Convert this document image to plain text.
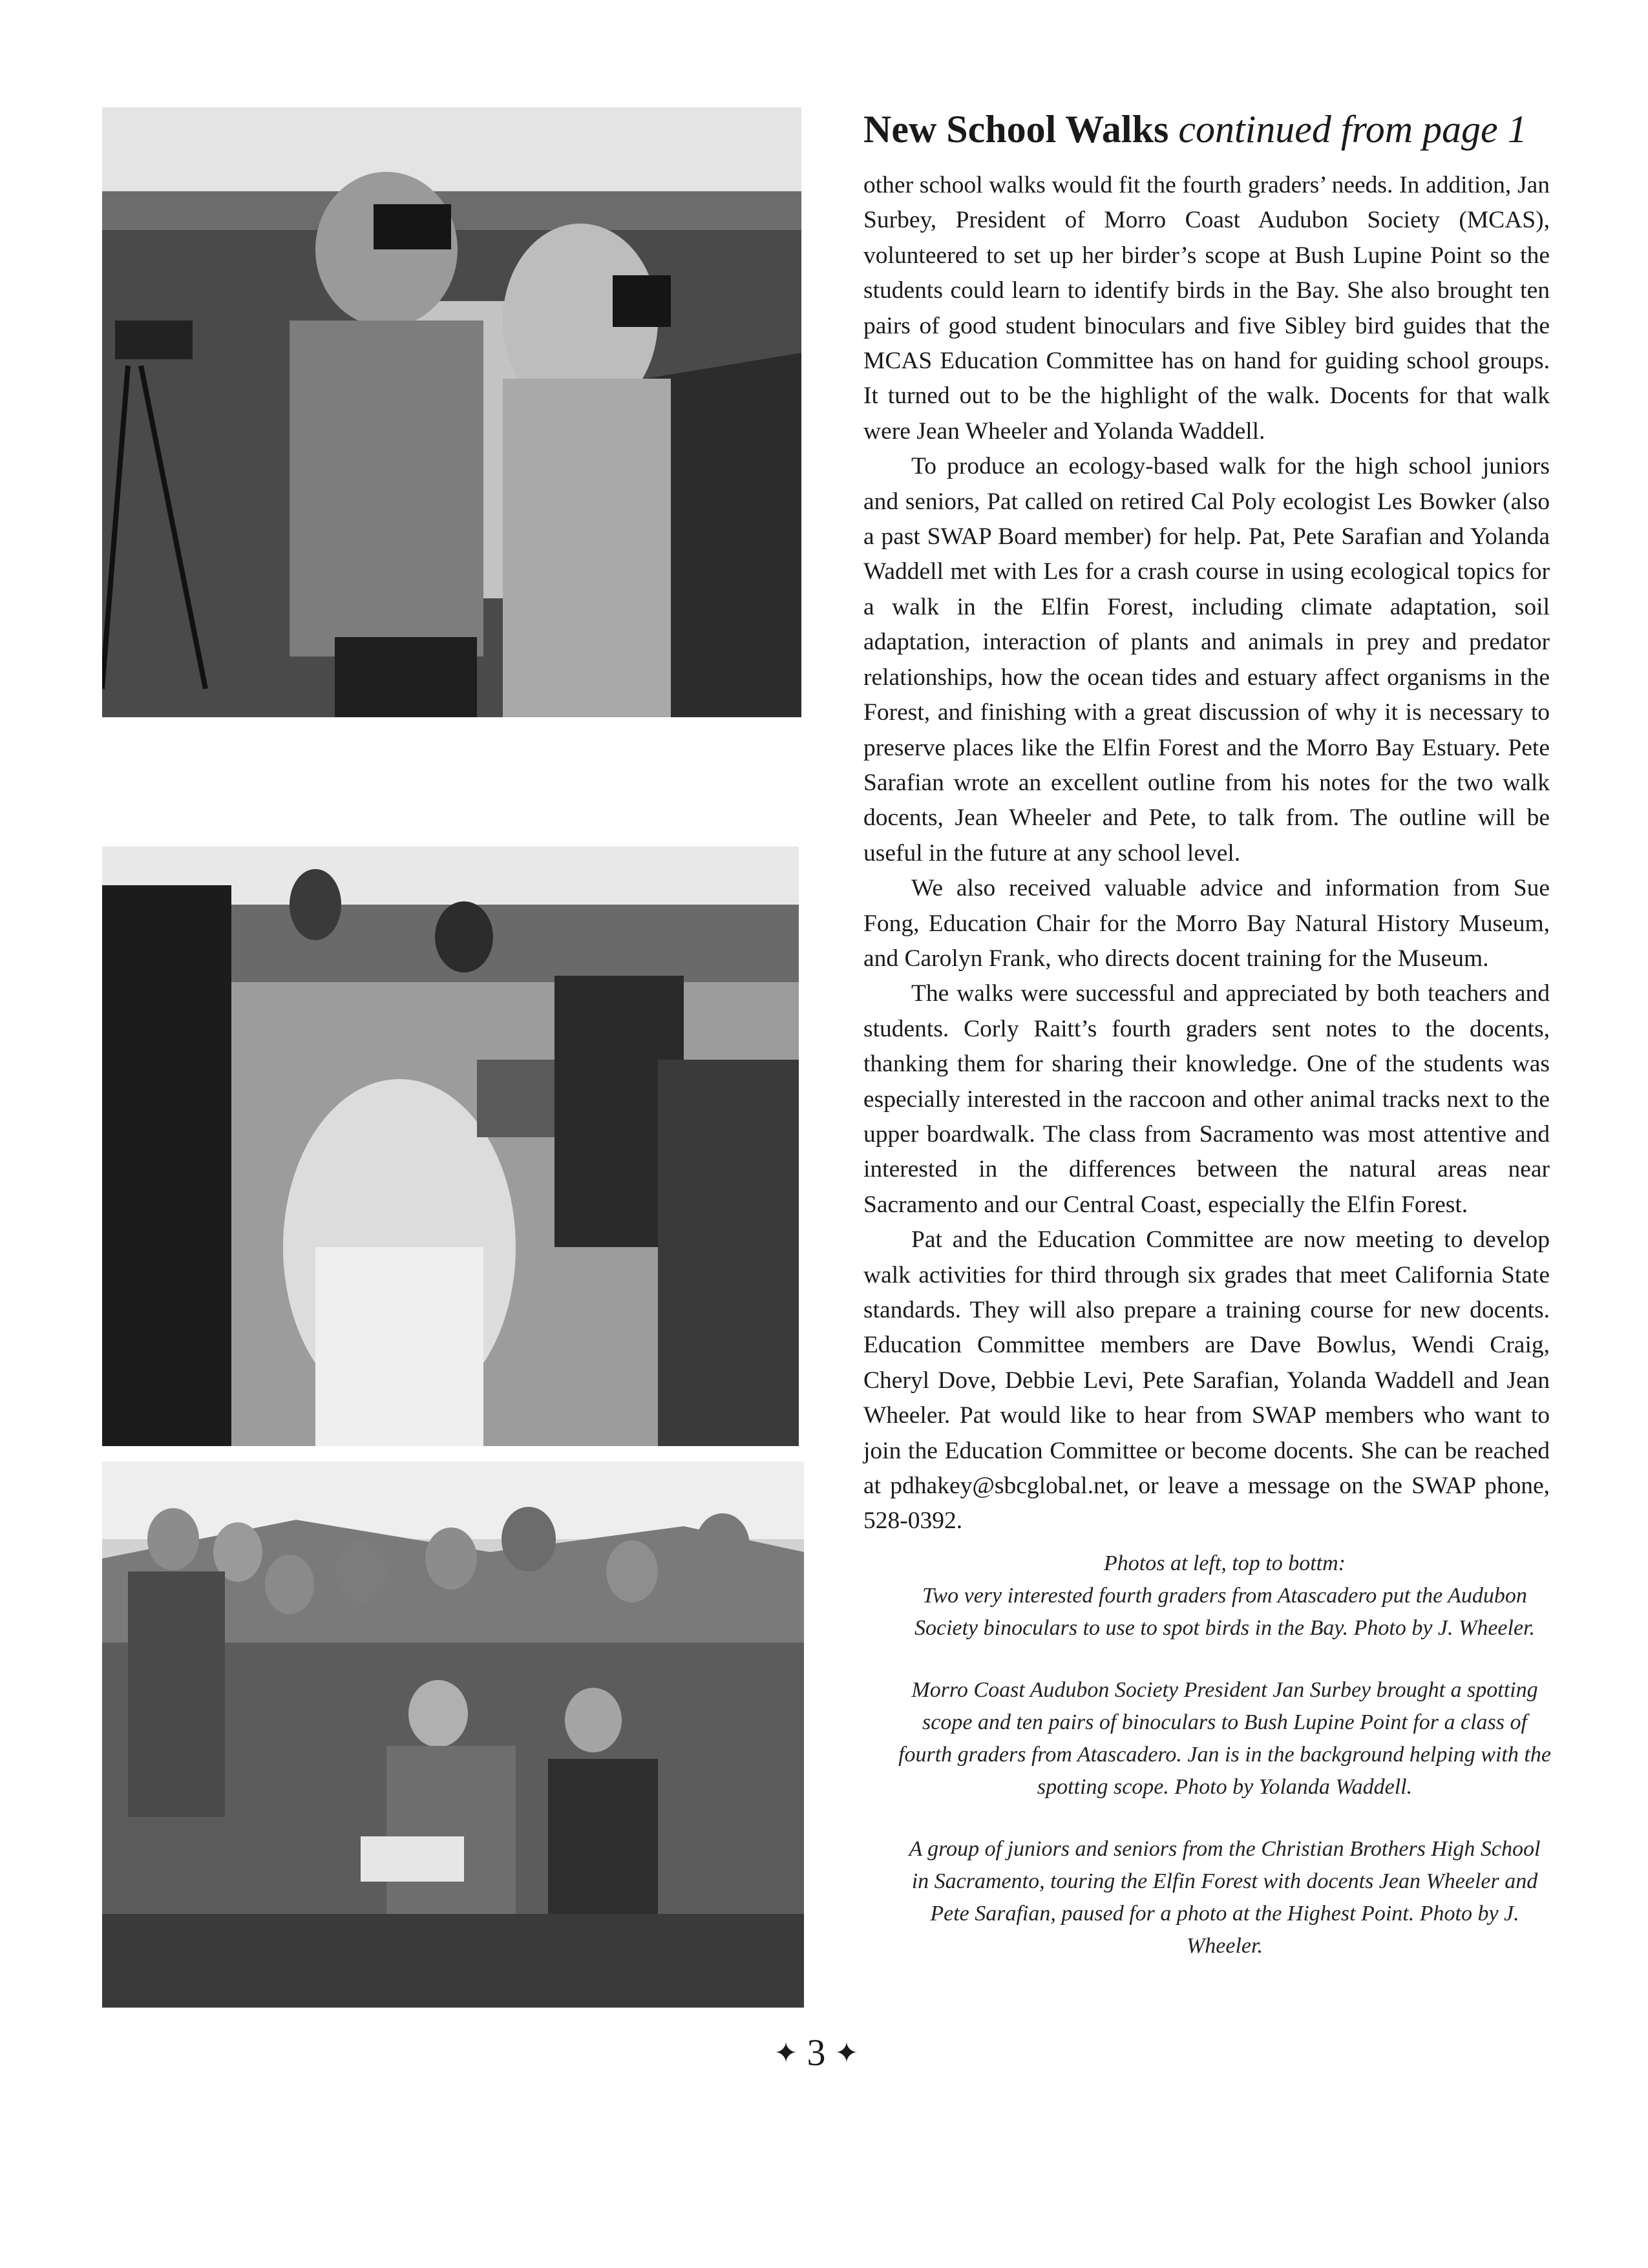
New School Walks continued from page 1

other school walks would fit the fourth graders’ needs. In addition, Jan Surbey, President of Morro Coast Audubon Society (MCAS), volunteered to set up her birder’s scope at Bush Lupine Point so the students could learn to identify birds in the Bay. She also brought ten pairs of good student binoculars and five Sibley bird guides that the MCAS Education Committee has on hand for guiding school groups. It turned out to be the highlight of the walk. Docents for that walk were Jean Wheeler and Yolanda Waddell.

To produce an ecology-based walk for the high school juniors and seniors, Pat called on retired Cal Poly ecologist Les Bowker (also a past SWAP Board member) for help. Pat, Pete Sarafian and Yolanda Waddell met with Les for a crash course in using ecological topics for a walk in the Elfin Forest, including climate adaptation, soil adaptation, interaction of plants and animals in prey and predator relationships, how the ocean tides and estuary affect organisms in the Forest, and finishing with a great discussion of why it is necessary to preserve places like the Elfin Forest and the Morro Bay Estuary. Pete Sarafian wrote an excellent outline from his notes for the two walk docents, Jean Wheeler and Pete, to talk from. The outline will be useful in the future at any school level.

We also received valuable advice and information from Sue Fong, Education Chair for the Morro Bay Natural History Museum, and Carolyn Frank, who directs docent training for the Museum.

The walks were successful and appreciated by both teachers and students. Corly Raitt’s fourth graders sent notes to the docents, thanking them for sharing their knowledge. One of the students was especially interested in the raccoon and other animal tracks next to the upper boardwalk. The class from Sacramento was most attentive and interested in the differences between the natural areas near Sacramento and our Central Coast, especially the Elfin Forest.

Pat and the Education Committee are now meeting to develop walk activities for third through six grades that meet California State standards. They will also prepare a training course for new docents. Education Committee members are Dave Bowlus, Wendi Craig, Cheryl Dove, Debbie Levi, Pete Sarafian, Yolanda Waddell and Jean Wheeler. Pat would like to hear from SWAP members who want to join the Education Committee or become docents. She can be reached at pdhakey@sbcglobal.net, or leave a message on the SWAP phone, 528-0392.

Photos at left, top to bottm:
Two very interested fourth graders from Atascadero put the Audubon Society binoculars to use to spot birds in the Bay. Photo by J. Wheeler.

Morro Coast Audubon Society President Jan Surbey brought a spotting scope and ten pairs of binoculars to Bush Lupine Point for a class of fourth graders from Atascadero. Jan is in the background helping with the spotting scope. Photo by Yolanda Waddell.

A group of juniors and seniors from the Christian Brothers High School in Sacramento, touring the Elfin Forest with docents Jean Wheeler and Pete Sarafian, paused for a photo at the Highest Point. Photo by J. Wheeler.

✦ 3 ✦
